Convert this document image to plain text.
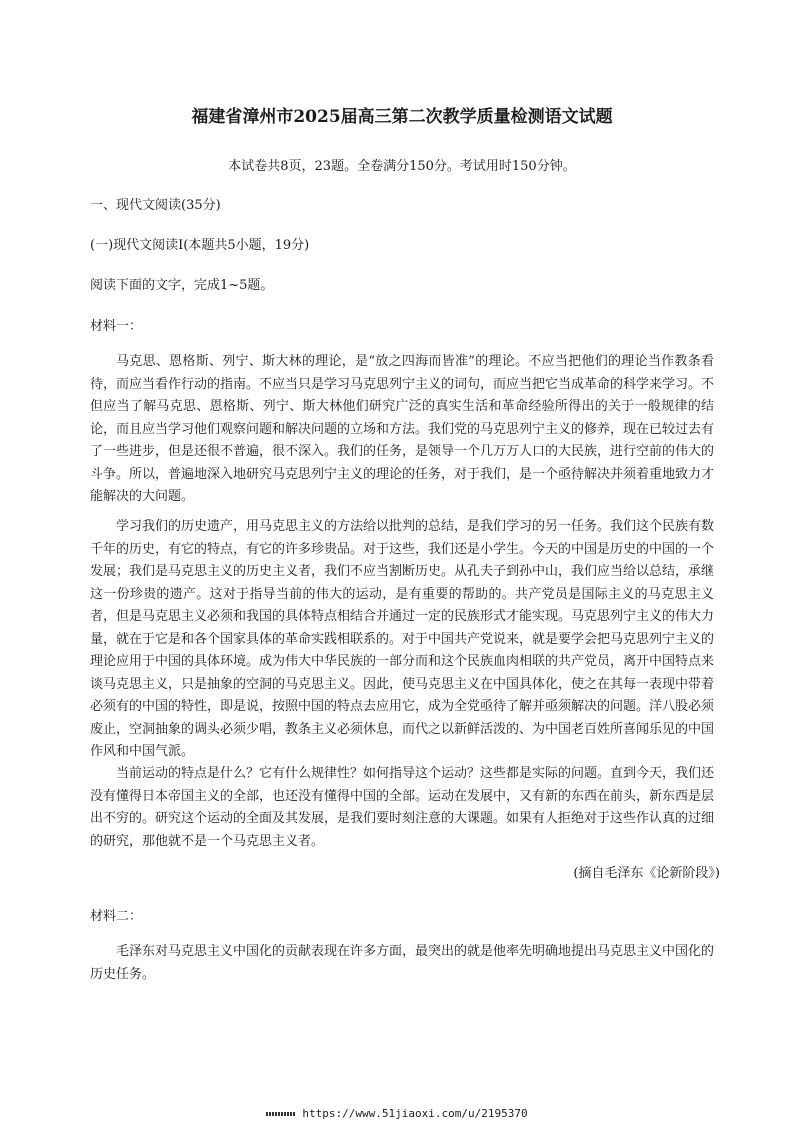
福建省漳州市2025届高三第二次教学质量检测语文试题

本试卷共8页，23题。全卷满分150分。考试用时150分钟。

一、现代文阅读(35分)

(一)现代文阅读Ⅰ(本题共5小题，19分)

阅读下面的文字，完成1~5题。

材料一：

马克思、恩格斯、列宁、斯大林的理论，是“放之四海而皆准”的理论。不应当把他们的理论当作教条看待，而应当看作行动的指南。不应当只是学习马克思列宁主义的词句，而应当把它当成革命的科学来学习。不但应当了解马克思、恩格斯、列宁、斯大林他们研究广泛的真实生活和革命经验所得出的关于一般规律的结论，而且应当学习他们观察问题和解决问题的立场和方法。我们党的马克思列宁主义的修养，现在已较过去有了一些进步，但是还很不普遍，很不深入。我们的任务，是领导一个几万万人口的大民族，进行空前的伟大的斗争。所以，普遍地深入地研究马克思列宁主义的理论的任务，对于我们，是一个亟待解决并须着重地致力才能解决的大问题。

学习我们的历史遗产，用马克思主义的方法给以批判的总结，是我们学习的另一任务。我们这个民族有数千年的历史，有它的特点，有它的许多珍贵品。对于这些，我们还是小学生。今天的中国是历史的中国的一个发展；我们是马克思主义的历史主义者，我们不应当割断历史。从孔夫子到孙中山，我们应当给以总结，承继这一份珍贵的遗产。这对于指导当前的伟大的运动，是有重要的帮助的。共产党员是国际主义的马克思主义者，但是马克思主义必须和我国的具体特点相结合并通过一定的民族形式才能实现。马克思列宁主义的伟大力量，就在于它是和各个国家具体的革命实践相联系的。对于中国共产党说来，就是要学会把马克思列宁主义的理论应用于中国的具体环境。成为伟大中华民族的一部分而和这个民族血肉相联的共产党员，离开中国特点来谈马克思主义，只是抽象的空洞的马克思主义。因此，使马克思主义在中国具体化，使之在其每一表现中带着必须有的中国的特性，即是说，按照中国的特点去应用它，成为全党亟待了解并亟须解决的问题。洋八股必须废止，空洞抽象的调头必须少唱，教条主义必须休息，而代之以新鲜活泼的、为中国老百姓所喜闻乐见的中国作风和中国气派。

当前运动的特点是什么？它有什么规律性？如何指导这个运动？这些都是实际的问题。直到今天，我们还没有懂得日本帝国主义的全部，也还没有懂得中国的全部。运动在发展中，又有新的东西在前头，新东西是层出不穷的。研究这个运动的全面及其发展，是我们要时刻注意的大课题。如果有人拒绝对于这些作认真的过细的研究，那他就不是一个马克思主义者。

(摘自毛泽东《论新阶段》)

材料二：

毛泽东对马克思主义中国化的贡献表现在许多方面，最突出的就是他率先明确地提出马克思主义中国化的历史任务。

https://www.51jiaoxi.com/u/2195370
